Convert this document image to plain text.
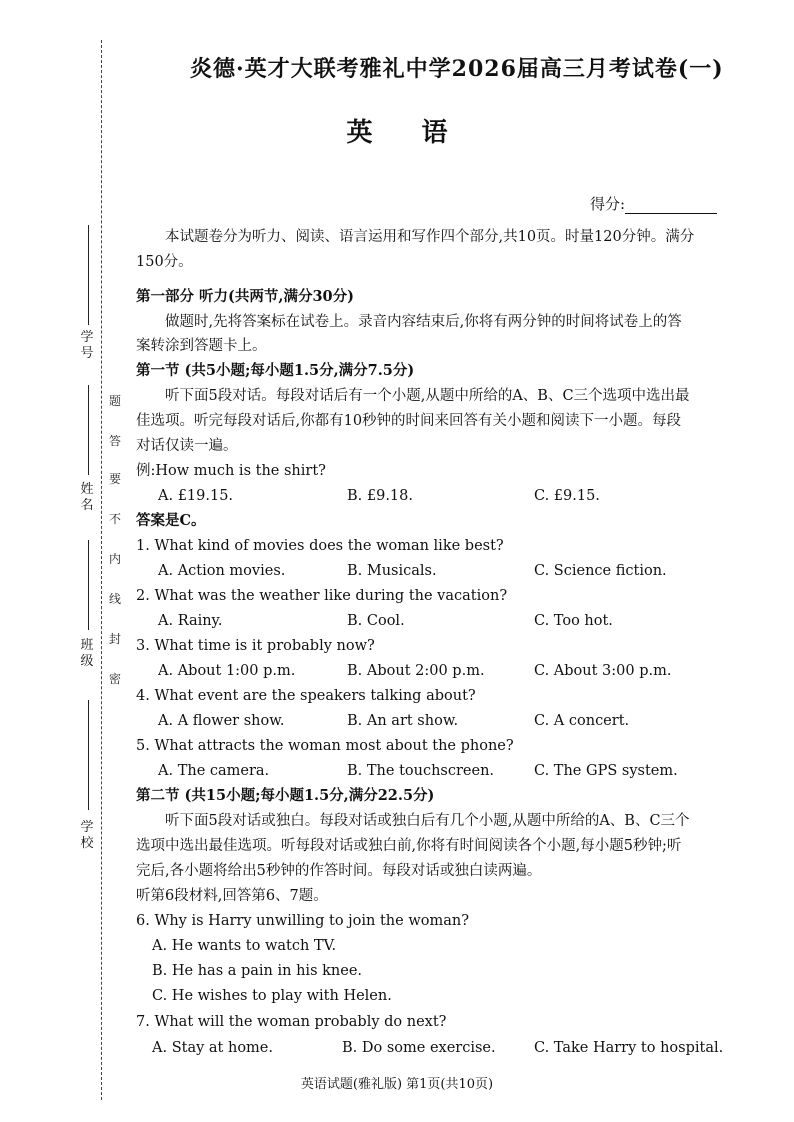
学号
姓名
班级
学校
题
答
要
不
内
线
封
密
炎德·英才大联考雅礼中学2026届高三月考试卷(一)
英 语
得分:
本试题卷分为听力、阅读、语言运用和写作四个部分,共10页。时量120分钟。满分
150分。
第一部分 听力(共两节,满分30分)
做题时,先将答案标在试卷上。录音内容结束后,你将有两分钟的时间将试卷上的答
案转涂到答题卡上。
第一节 (共5小题;每小题1.5分,满分7.5分)
听下面5段对话。每段对话后有一个小题,从题中所给的A、B、C三个选项中选出最
佳选项。听完每段对话后,你都有10秒钟的时间来回答有关小题和阅读下一小题。每段
对话仅读一遍。
例:How much is the shirt?
A. £19.15.	B. £9.18.	C. £9.15.
答案是C。
1. What kind of movies does the woman like best?
A. Action movies.	B. Musicals.	C. Science fiction.
2. What was the weather like during the vacation?
A. Rainy.	B. Cool.	C. Too hot.
3. What time is it probably now?
A. About 1:00 p.m.	B. About 2:00 p.m.	C. About 3:00 p.m.
4. What event are the speakers talking about?
A. A flower show.	B. An art show.	C. A concert.
5. What attracts the woman most about the phone?
A. The camera.	B. The touchscreen.	C. The GPS system.
第二节 (共15小题;每小题1.5分,满分22.5分)
听下面5段对话或独白。每段对话或独白后有几个小题,从题中所给的A、B、C三个
选项中选出最佳选项。听每段对话或独白前,你将有时间阅读各个小题,每小题5秒钟;听
完后,各小题将给出5秒钟的作答时间。每段对话或独白读两遍。
听第6段材料,回答第6、7题。
6. Why is Harry unwilling to join the woman?
A. He wants to watch TV.
B. He has a pain in his knee.
C. He wishes to play with Helen.
7. What will the woman probably do next?
A. Stay at home.	B. Do some exercise.	C. Take Harry to hospital.
英语试题(雅礼版) 第1页(共10页)
